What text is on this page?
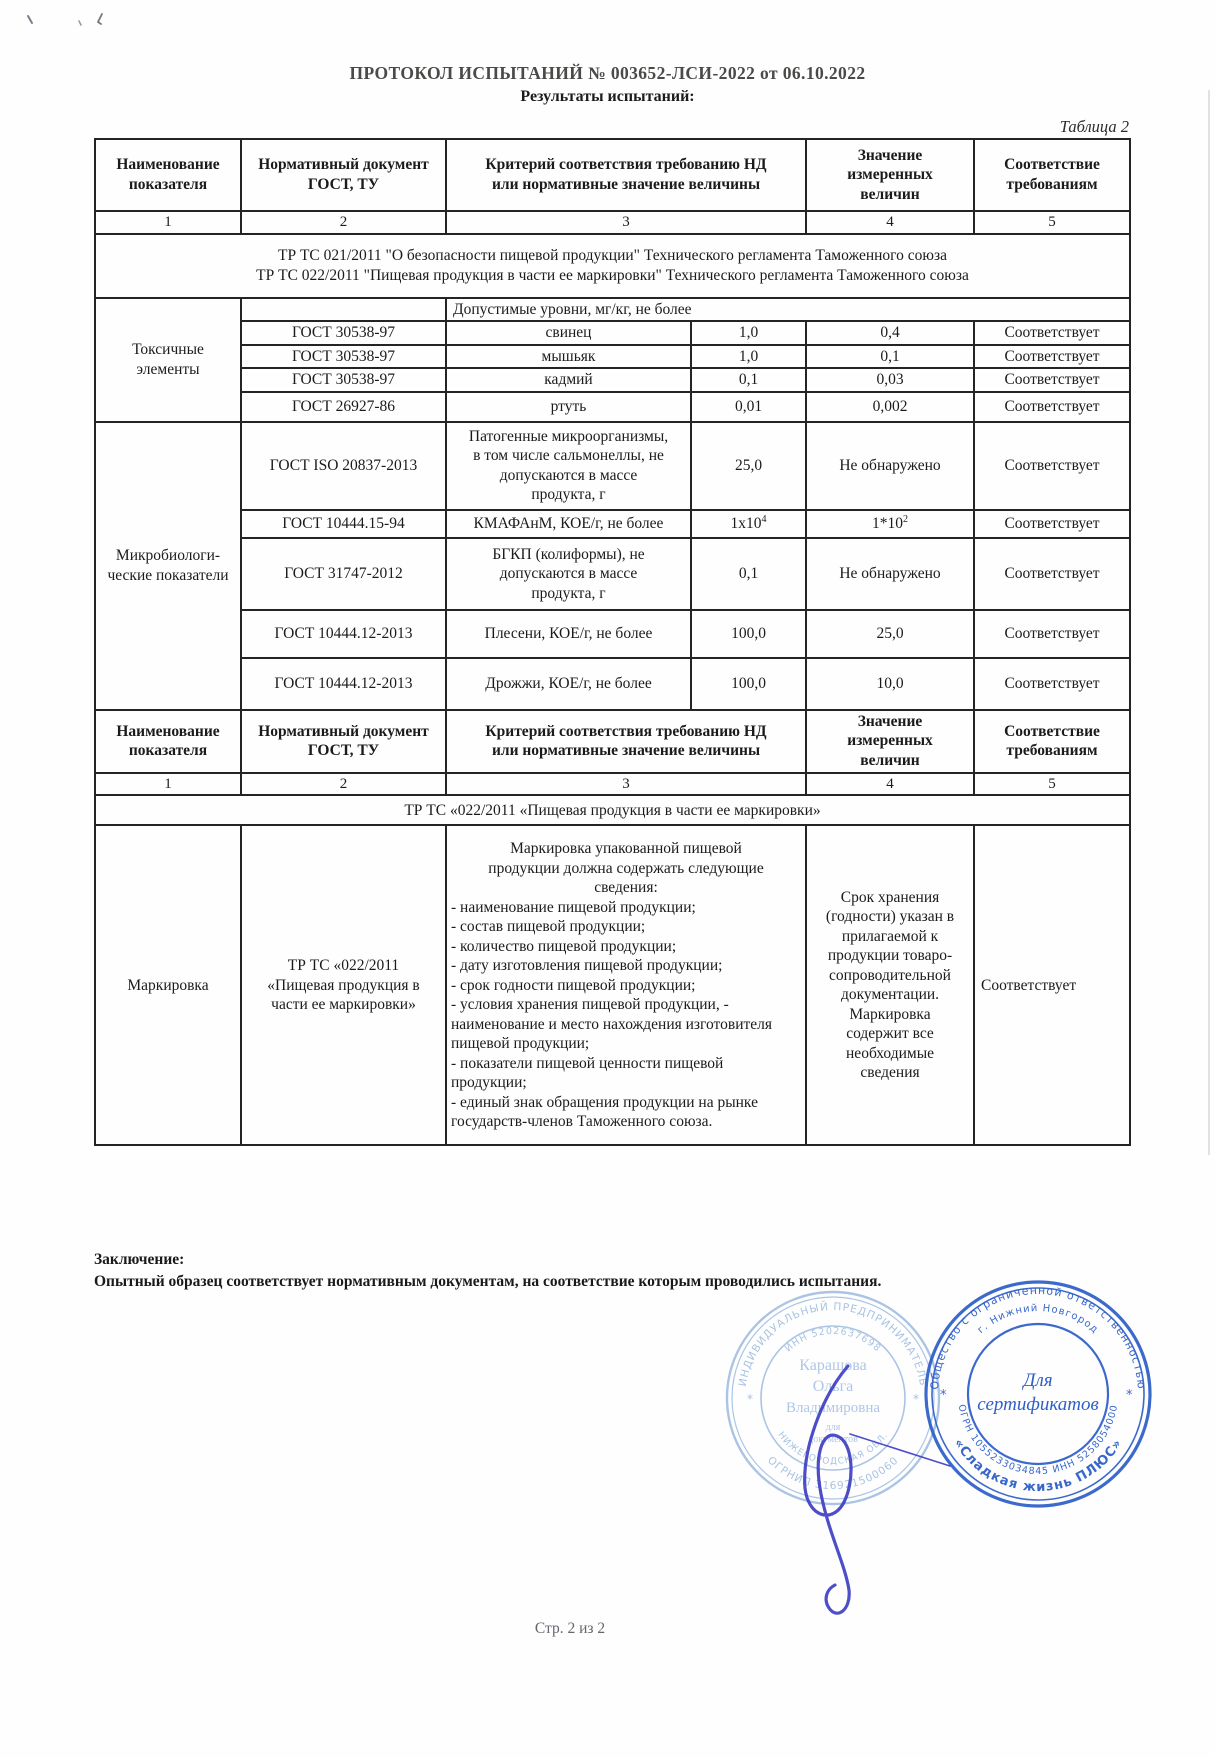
ПРОТОКОЛ ИСПЫТАНИЙ № 003652-ЛСИ-2022 от 06.10.2022
Результаты испытаний:
Таблица 2
Наименование
показателя	Нормативный документ
ГОСТ, ТУ	Критерий соответствия требованию НД
или нормативные значение величины		Значение
измеренных
величин	Соответствие
требованиям
1	2	3		4	5
ТР ТС 021/2011 "О безопасности пищевой продукции" Технического регламента Таможенного союза
ТР ТС 022/2011 "Пищевая продукция в части ее маркировки" Технического регламента Таможенного союза					
Токсичные элементы		Допустимые уровни, мг/кг, не более			
	ГОСТ 30538-97	свинец	1,0	0,4	Соответствует
	ГОСТ 30538-97	мышьяк	1,0	0,1	Соответствует
	ГОСТ 30538-97	кадмий	0,1	0,03	Соответствует
	ГОСТ 26927-86	ртуть	0,01	0,002	Соответствует
Микробиологи-
ческие показатели	ГОСТ ISO 20837-2013	Патогенные микроорганизмы,
в том числе сальмонеллы, не
допускаются в массе
продукта, г	25,0	Не обнаружено	Соответствует
	ГОСТ 10444.15-94	КМАФАнМ, КОЕ/г, не более	$1x10^4$	$1*10^2$	Соответствует
	ГОСТ 31747-2012	БГКП (колиформы), не
допускаются в массе
продукта, г	0,1	Не обнаружено	Соответствует
	ГОСТ 10444.12-2013	Плесени, КОЕ/г, не более	100,0	25,0	Соответствует
	ГОСТ 10444.12-2013	Дрожжи, КОЕ/г, не более	100,0	10,0	Соответствует
Наименование
показателя	Нормативный документ
ГОСТ, ТУ	Критерий соответствия требованию НД
или нормативные значение величины		Значение
измеренных
величин	Соответствие
требованиям
1	2	3		4	5
ТР ТС «022/2011 «Пищевая продукция в части ее маркировки»					
Маркировка	ТР ТС «022/2011
«Пищевая продукция в
части ее маркировки»	
Маркировка упакованной пищевой
продукции должна содержать следующие
сведения:
- наименование пищевой продукции;
- состав пищевой продукции;
- количество пищевой продукции;
- дату изготовления пищевой продукции;
- срок годности пищевой продукции;
- условия хранения пищевой продукции, - наименование и место нахождения изготовителя пищевой продукции;
- показатели пищевой ценности пищевой продукции;
- единый знак обращения продукции на рынке государств-членов Таможенного союза.
	Срок хранения
(годности) указан в
прилагаемой к
продукции товаро-
сопроводительной
документации.
Маркировка
содержит все
необходимые
сведения	Соответствует
Заключение:
Опытный образец соответствует нормативным документам, на соответствие которым проводились испытания.
ИНДИВИДУАЛЬНЫЙ ПРЕДПРИНИМАТЕЛЬ
ИНН 5202637698
ОГРНИП 316921500060
НИЖЕГОРОДСКАЯ ОБЛ.
*	*
Карашова
Ольга
Владимировна
для
документов
Общество с ограниченной ответственностью
г. Нижний Новгород
«Сладкая жизнь ПЛЮС»
ОГРН 1055233034845 ИНН 5258054000
*	*
Для
сертификатов
Стр. 2 из 2
